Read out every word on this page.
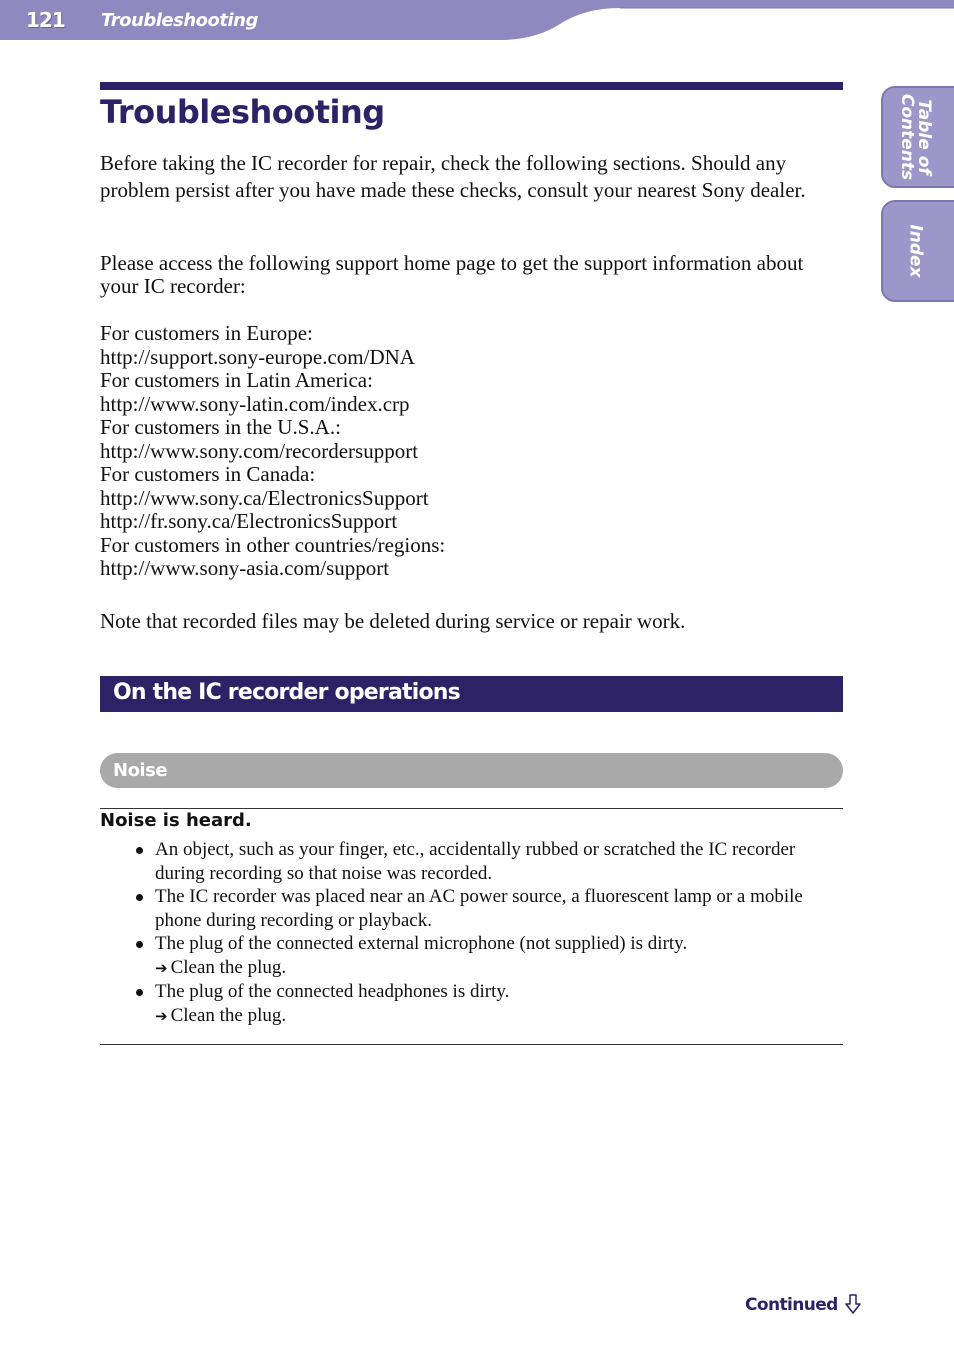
121 Troubleshooting
Table of
Contents
Index
Troubleshooting

Before taking the IC recorder for repair, check the following sections. Should any problem persist after you have made these checks, consult your nearest Sony dealer.

Please access the following support home page to get the support information about your IC recorder:

For customers in Europe:
http://support.sony-europe.com/DNA
For customers in Latin America:
http://www.sony-latin.com/index.crp
For customers in the U.S.A.:
http://www.sony.com/recordersupport
For customers in Canada:
http://www.sony.ca/ElectronicsSupport
http://fr.sony.ca/ElectronicsSupport
For customers in other countries/regions:
http://www.sony-asia.com/support

Note that recorded files may be deleted during service or repair work.

On the IC recorder operations
Noise
Noise is heard.
An object, such as your finger, etc., accidentally rubbed or scratched the IC recorder during recording so that noise was recorded.
The IC recorder was placed near an AC power source, a fluorescent lamp or a mobile phone during recording or playback.
The plug of the connected external microphone (not supplied) is dirty.
➔ Clean the plug.
The plug of the connected headphones is dirty.
➔ Clean the plug.
Continued
